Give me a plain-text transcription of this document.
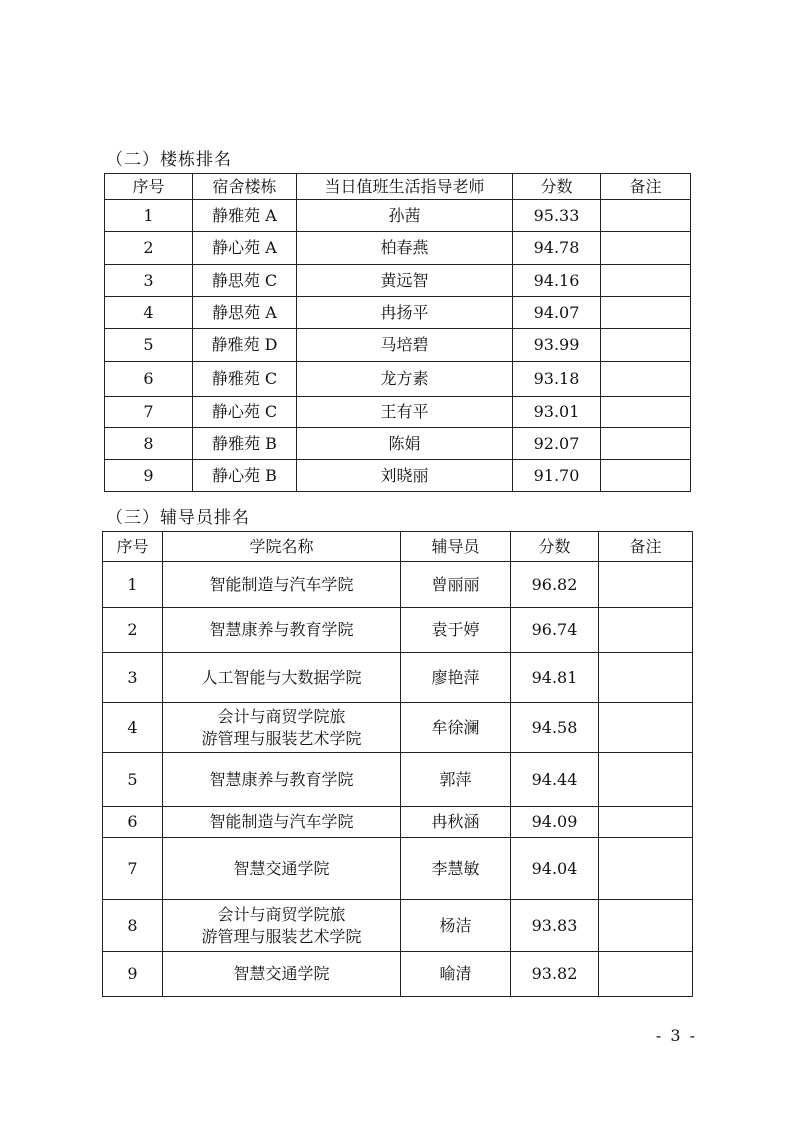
（二）楼栋排名
序号	宿舍楼栋	当日值班生活指导老师	分数	备注
1	静雅苑 A	孙茜	95.33	
2	静心苑 A	柏春燕	94.78	
3	静思苑 C	黄远智	94.16	
4	静思苑 A	冉扬平	94.07	
5	静雅苑 D	马培碧	93.99	
6	静雅苑 C	龙方素	93.18	
7	静心苑 C	王有平	93.01	
8	静雅苑 B	陈娟	92.07	
9	静心苑 B	刘晓丽	91.70	
（三）辅导员排名
序号	学院名称	辅导员	分数	备注
1	智能制造与汽车学院	曾丽丽	96.82	
2	智慧康养与教育学院	袁于婷	96.74	
3	人工智能与大数据学院	廖艳萍	94.81	
4	会计与商贸学院旅
游管理与服装艺术学院	牟徐澜	94.58	
5	智慧康养与教育学院	郭萍	94.44	
6	智能制造与汽车学院	冉秋涵	94.09	
7	智慧交通学院	李慧敏	94.04	
8	会计与商贸学院旅
游管理与服装艺术学院	杨洁	93.83	
9	智慧交通学院	喻清	93.82	
- 3 -
